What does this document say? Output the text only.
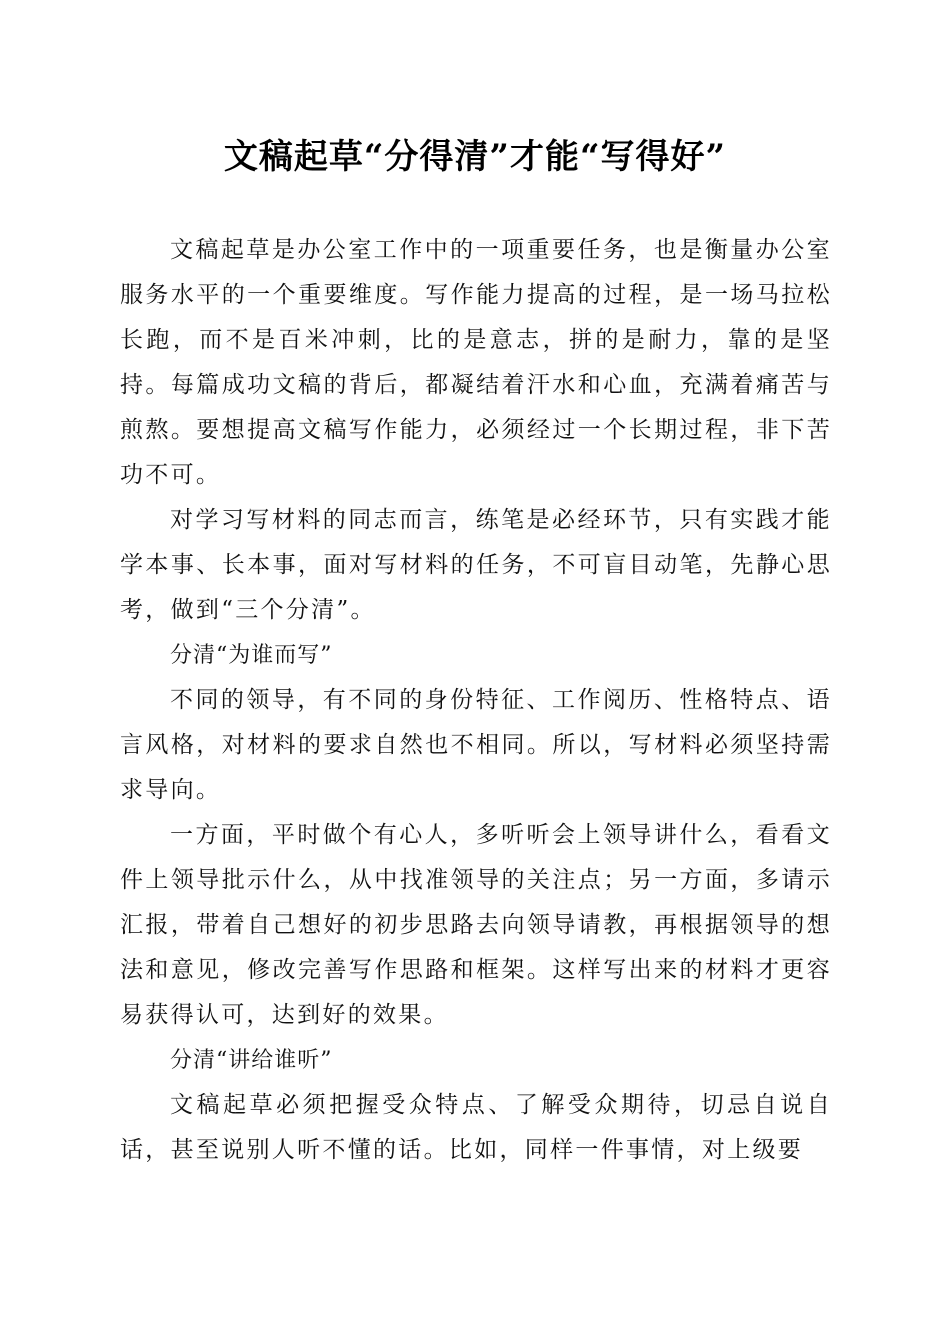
文稿起草“分得清”才能“写得好”

文稿起草是办公室工作中的一项重要任务，也是衡量办公室服务水平的一个重要维度。写作能力提高的过程，是一场马拉松长跑，而不是百米冲刺，比的是意志，拼的是耐力，靠的是坚持。每篇成功文稿的背后，都凝结着汗水和心血，充满着痛苦与煎熬。要想提高文稿写作能力，必须经过一个长期过程，非下苦功不可。

对学习写材料的同志而言，练笔是必经环节，只有实践才能学本事、长本事，面对写材料的任务，不可盲目动笔，先静心思考，做到“三个分清”。

分清“为谁而写”

不同的领导，有不同的身份特征、工作阅历、性格特点、语言风格，对材料的要求自然也不相同。所以，写材料必须坚持需求导向。

一方面，平时做个有心人，多听听会上领导讲什么，看看文件上领导批示什么，从中找准领导的关注点；另一方面，多请示汇报，带着自己想好的初步思路去向领导请教，再根据领导的想法和意见，修改完善写作思路和框架。这样写出来的材料才更容易获得认可，达到好的效果。

分清“讲给谁听”

文稿起草必须把握受众特点、了解受众期待，切忌自说自话，甚至说别人听不懂的话。比如，同样一件事情，对上级要
